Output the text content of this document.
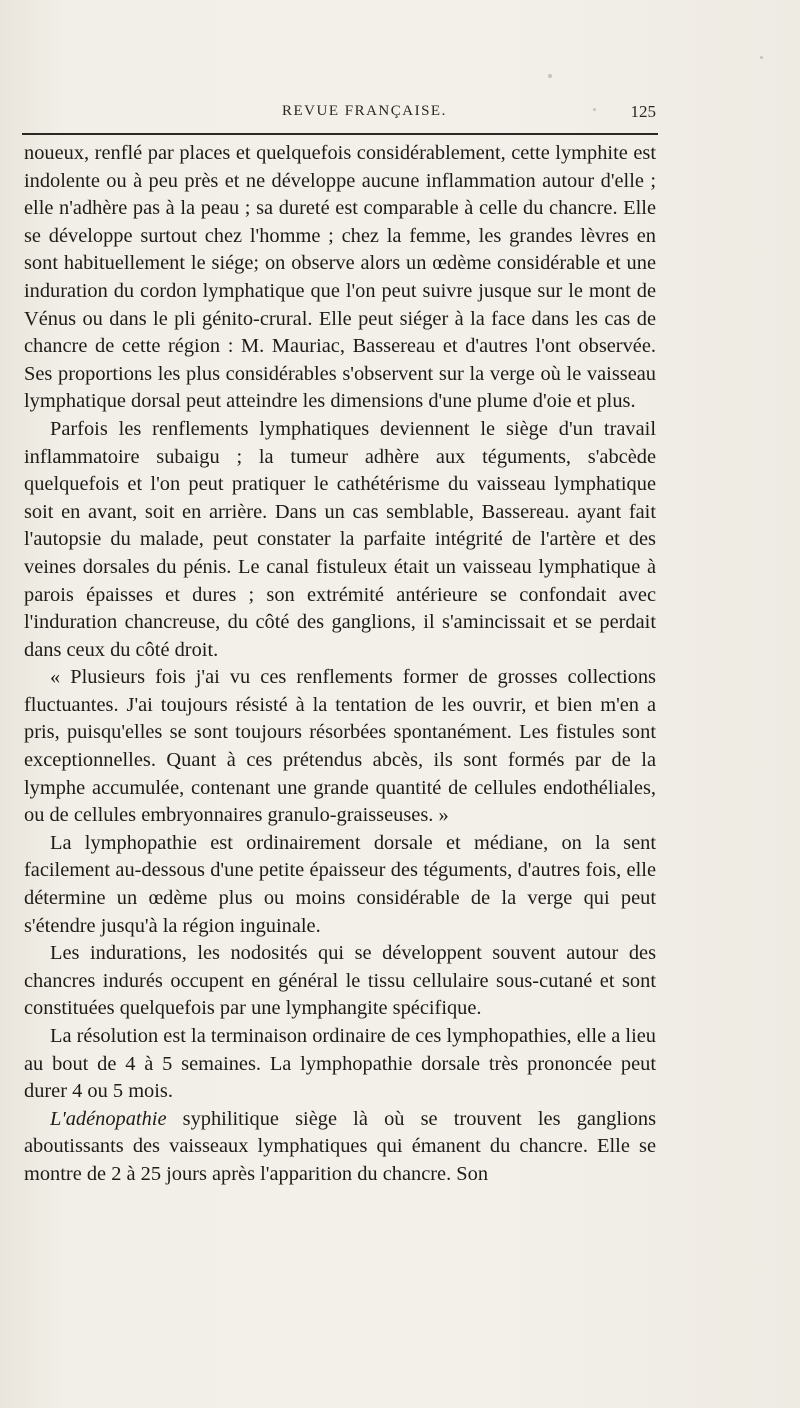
REVUE FRANÇAISE.	125

noueux, renflé par places et quelquefois considérablement, cette lymphite est indolente ou à peu près et ne développe aucune inflammation autour d'elle ; elle n'adhère pas à la peau ; sa dureté est comparable à celle du chancre. Elle se développe surtout chez l'homme ; chez la femme, les grandes lèvres en sont habituellement le siége; on observe alors un œdème considérable et une induration du cordon lymphatique que l'on peut suivre jusque sur le mont de Vénus ou dans le pli génito-crural. Elle peut siéger à la face dans les cas de chancre de cette région : M. Mauriac, Bassereau et d'autres l'ont observée. Ses proportions les plus considérables s'observent sur la verge où le vaisseau lymphatique dorsal peut atteindre les dimensions d'une plume d'oie et plus.

Parfois les renflements lymphatiques deviennent le siège d'un travail inflammatoire subaigu ; la tumeur adhère aux téguments, s'abcède quelquefois et l'on peut pratiquer le cathétérisme du vaisseau lymphatique soit en avant, soit en arrière. Dans un cas semblable, Bassereau. ayant fait l'autopsie du malade, peut constater la parfaite intégrité de l'artère et des veines dorsales du pénis. Le canal fistuleux était un vaisseau lymphatique à parois épaisses et dures ; son extrémité antérieure se confondait avec l'induration chancreuse, du côté des ganglions, il s'amincissait et se perdait dans ceux du côté droit.

« Plusieurs fois j'ai vu ces renflements former de grosses collections fluctuantes. J'ai toujours résisté à la tentation de les ouvrir, et bien m'en a pris, puisqu'elles se sont toujours résorbées spontanément. Les fistules sont exceptionnelles. Quant à ces prétendus abcès, ils sont formés par de la lymphe accumulée, contenant une grande quantité de cellules endothéliales, ou de cellules embryonnaires granulo-graisseuses. »

La lymphopathie est ordinairement dorsale et médiane, on la sent facilement au-dessous d'une petite épaisseur des téguments, d'autres fois, elle détermine un œdème plus ou moins considérable de la verge qui peut s'étendre jusqu'à la région inguinale.

Les indurations, les nodosités qui se développent souvent autour des chancres indurés occupent en général le tissu cellulaire sous-cutané et sont constituées quelquefois par une lymphangite spécifique.

La résolution est la terminaison ordinaire de ces lymphopathies, elle a lieu au bout de 4 à 5 semaines. La lymphopathie dorsale très prononcée peut durer 4 ou 5 mois.

L'adénopathie syphilitique siège là où se trouvent les ganglions aboutissants des vaisseaux lymphatiques qui émanent du chancre. Elle se montre de 2 à 25 jours après l'apparition du chancre. Son
